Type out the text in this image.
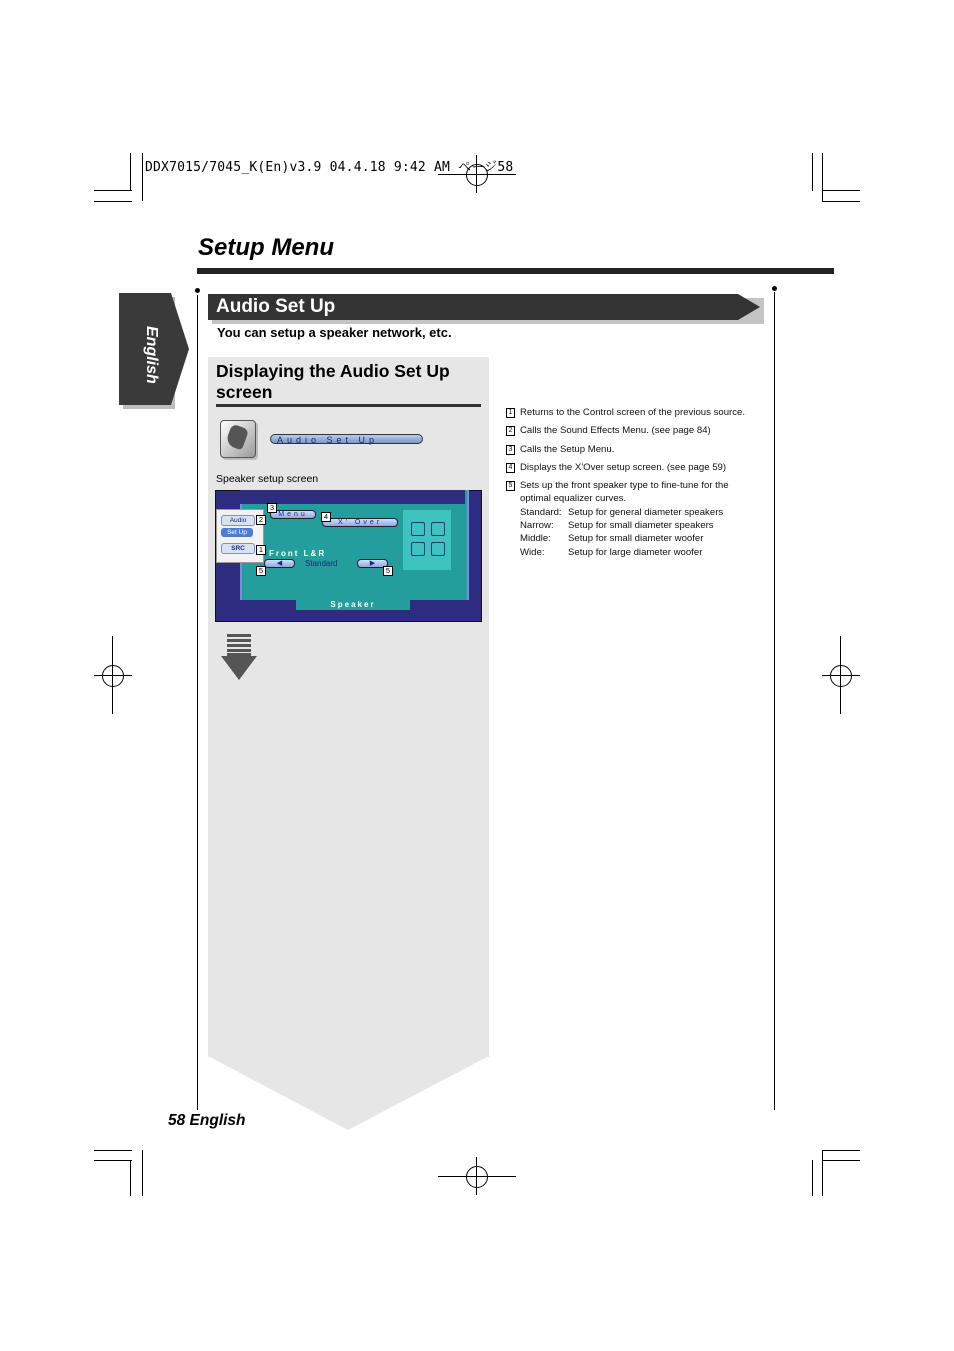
DDX7015/7045_K(En)v3.9 04.4.18 9:42 AM ページ58
Setup Menu
English
Audio Set Up
You can setup a speaker network, etc.
Displaying the Audio Set Up screen
Audio Set Up
Speaker setup screen
Speaker
Audio
Set Up
SRC
Menu
X' Over
Front L&R
◀	Standard	▶
1
2
3
4
5	5
1 Returns to the Control screen of the previous source.
2 Calls the Sound Effects Menu. (see page 84)
3 Calls the Setup Menu.
4 Displays the X'Over setup screen. (see page 59)
5 Sets up the front speaker type to fine-tune for the optimal equalizer curves.
Standard: Setup for general diameter speakers
Narrow:	Setup for small diameter speakers
Middle:	Setup for small diameter woofer
Wide:	Setup for large diameter woofer
58 English
